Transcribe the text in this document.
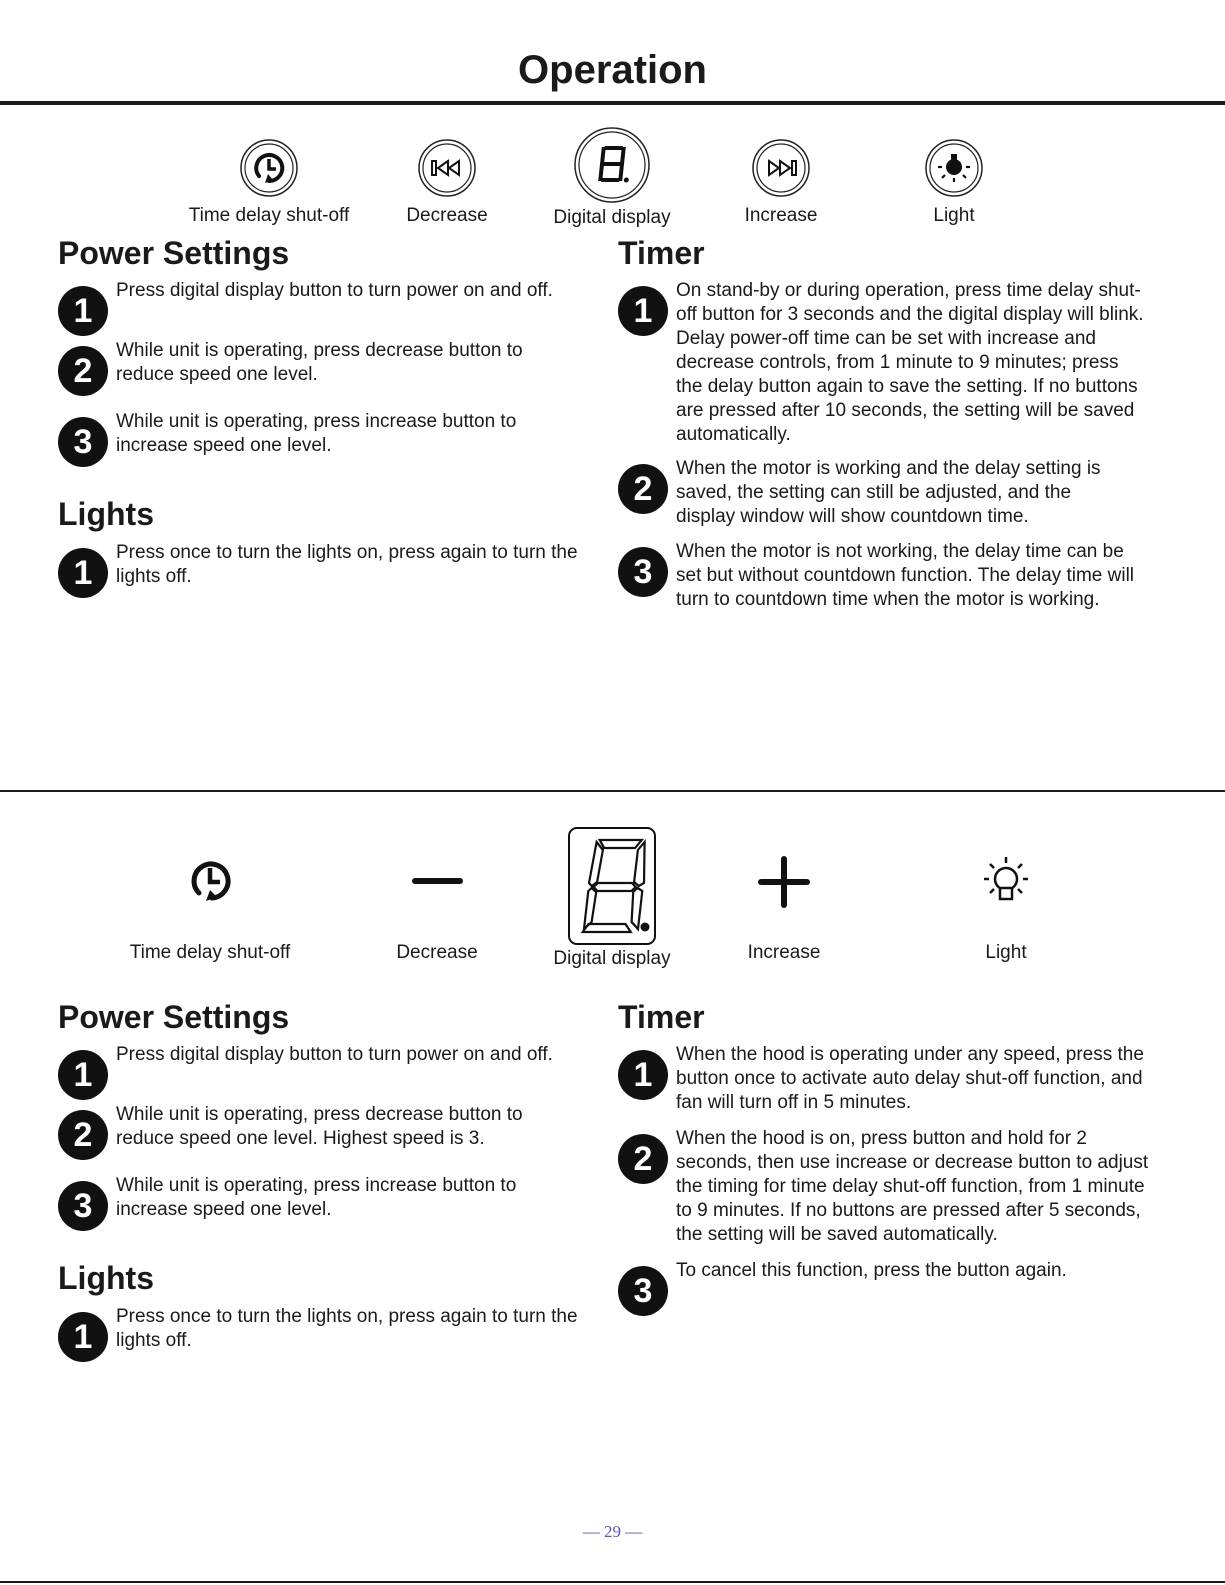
Operation
Time delay shut-off	Decrease	Digital display	Increase	Light
Power Settings
1
Press digital display button to turn power on and off.
2
While unit is operating, press decrease button to reduce speed one level.
3
While unit is operating, press increase button to increase speed one level.
Lights
1
Press once to turn the lights on, press again to turn the lights off.
Timer
1
On stand-by or during operation, press time delay shut-off button for 3 seconds and the digital display will blink. Delay power-off time can be set with increase and decrease controls, from 1 minute to 9 minutes; press the delay button again to save the setting. If no buttons are pressed after 10 seconds, the setting will be saved automatically.
2
When the motor is working and the delay setting is saved, the setting can still be adjusted, and the display window will show countdown time.
3
When the motor is not working, the delay time can be set but without countdown function. The delay time will turn to countdown time when the motor is working.
Time delay shut-off	Decrease	Digital display	Increase	Light
Power Settings
1
Press digital display button to turn power on and off.
2
While unit is operating, press decrease button to reduce speed one level. Highest speed is 3.
3
While unit is operating, press increase button to increase speed one level.
Lights
1
Press once to turn the lights on, press again to turn the lights off.
Timer
1
When the hood is operating under any speed, press the button once to activate auto delay shut-off function, and fan will turn off in 5 minutes.
2
When the hood is on, press button and hold for 2 seconds, then use increase or decrease button to adjust the timing for time delay shut-off function, from 1 minute to 9 minutes. If no buttons are pressed after 5 seconds, the setting will be saved automatically.
3
To cancel this function, press the button again.
— 29 —
